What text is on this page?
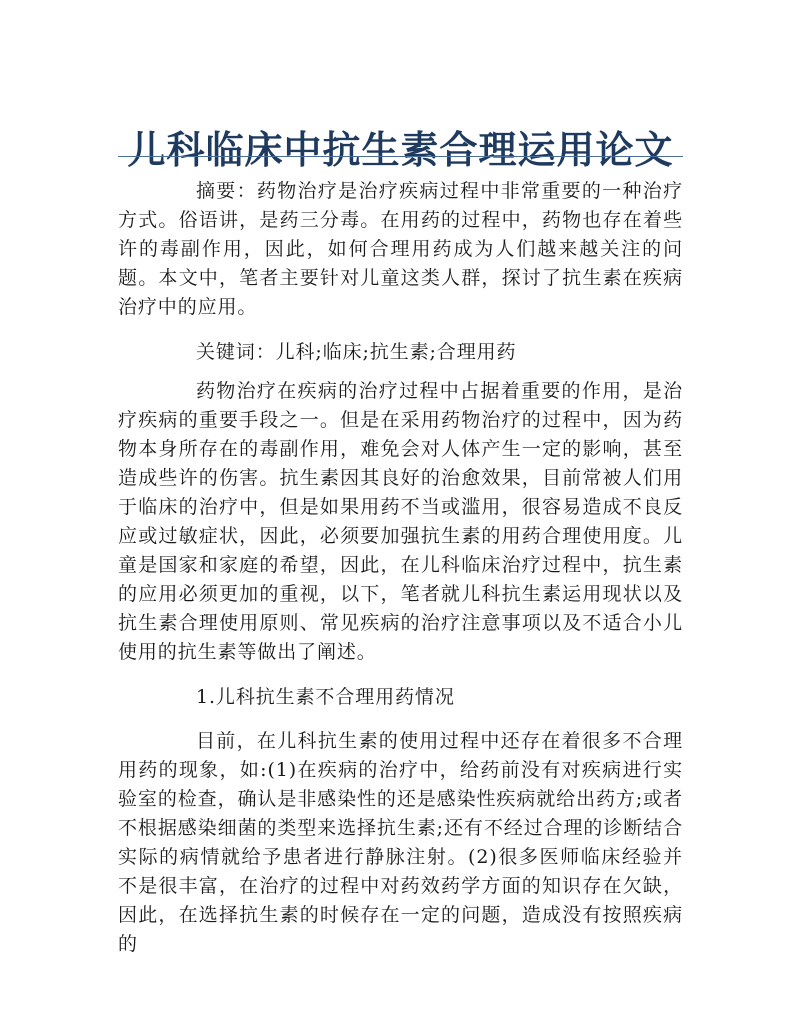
儿科临床中抗生素合理运用论文

摘要：药物治疗是治疗疾病过程中非常重要的一种治疗方式。俗语讲，是药三分毒。在用药的过程中，药物也存在着些许的毒副作用，因此，如何合理用药成为人们越来越关注的问题。本文中，笔者主要针对儿童这类人群，探讨了抗生素在疾病治疗中的应用。

关键词：儿科;临床;抗生素;合理用药

药物治疗在疾病的治疗过程中占据着重要的作用，是治疗疾病的重要手段之一。但是在采用药物治疗的过程中，因为药物本身所存在的毒副作用，难免会对人体产生一定的影响，甚至造成些许的伤害。抗生素因其良好的治愈效果，目前常被人们用于临床的治疗中，但是如果用药不当或滥用，很容易造成不良反应或过敏症状，因此，必须要加强抗生素的用药合理使用度。儿童是国家和家庭的希望，因此，在儿科临床治疗过程中，抗生素的应用必须更加的重视，以下，笔者就儿科抗生素运用现状以及抗生素合理使用原则、常见疾病的治疗注意事项以及不适合小儿使用的抗生素等做出了阐述。

1.儿科抗生素不合理用药情况

目前，在儿科抗生素的使用过程中还存在着很多不合理用药的现象，如:(1)在疾病的治疗中，给药前没有对疾病进行实验室的检查，确认是非感染性的还是感染性疾病就给出药方;或者不根据感染细菌的类型来选择抗生素;还有不经过合理的诊断结合实际的病情就给予患者进行静脉注射。(2)很多医师临床经验并不是很丰富，在治疗的过程中对药效药学方面的知识存在欠缺，因此，在选择抗生素的时候存在一定的问题，造成没有按照疾病的
